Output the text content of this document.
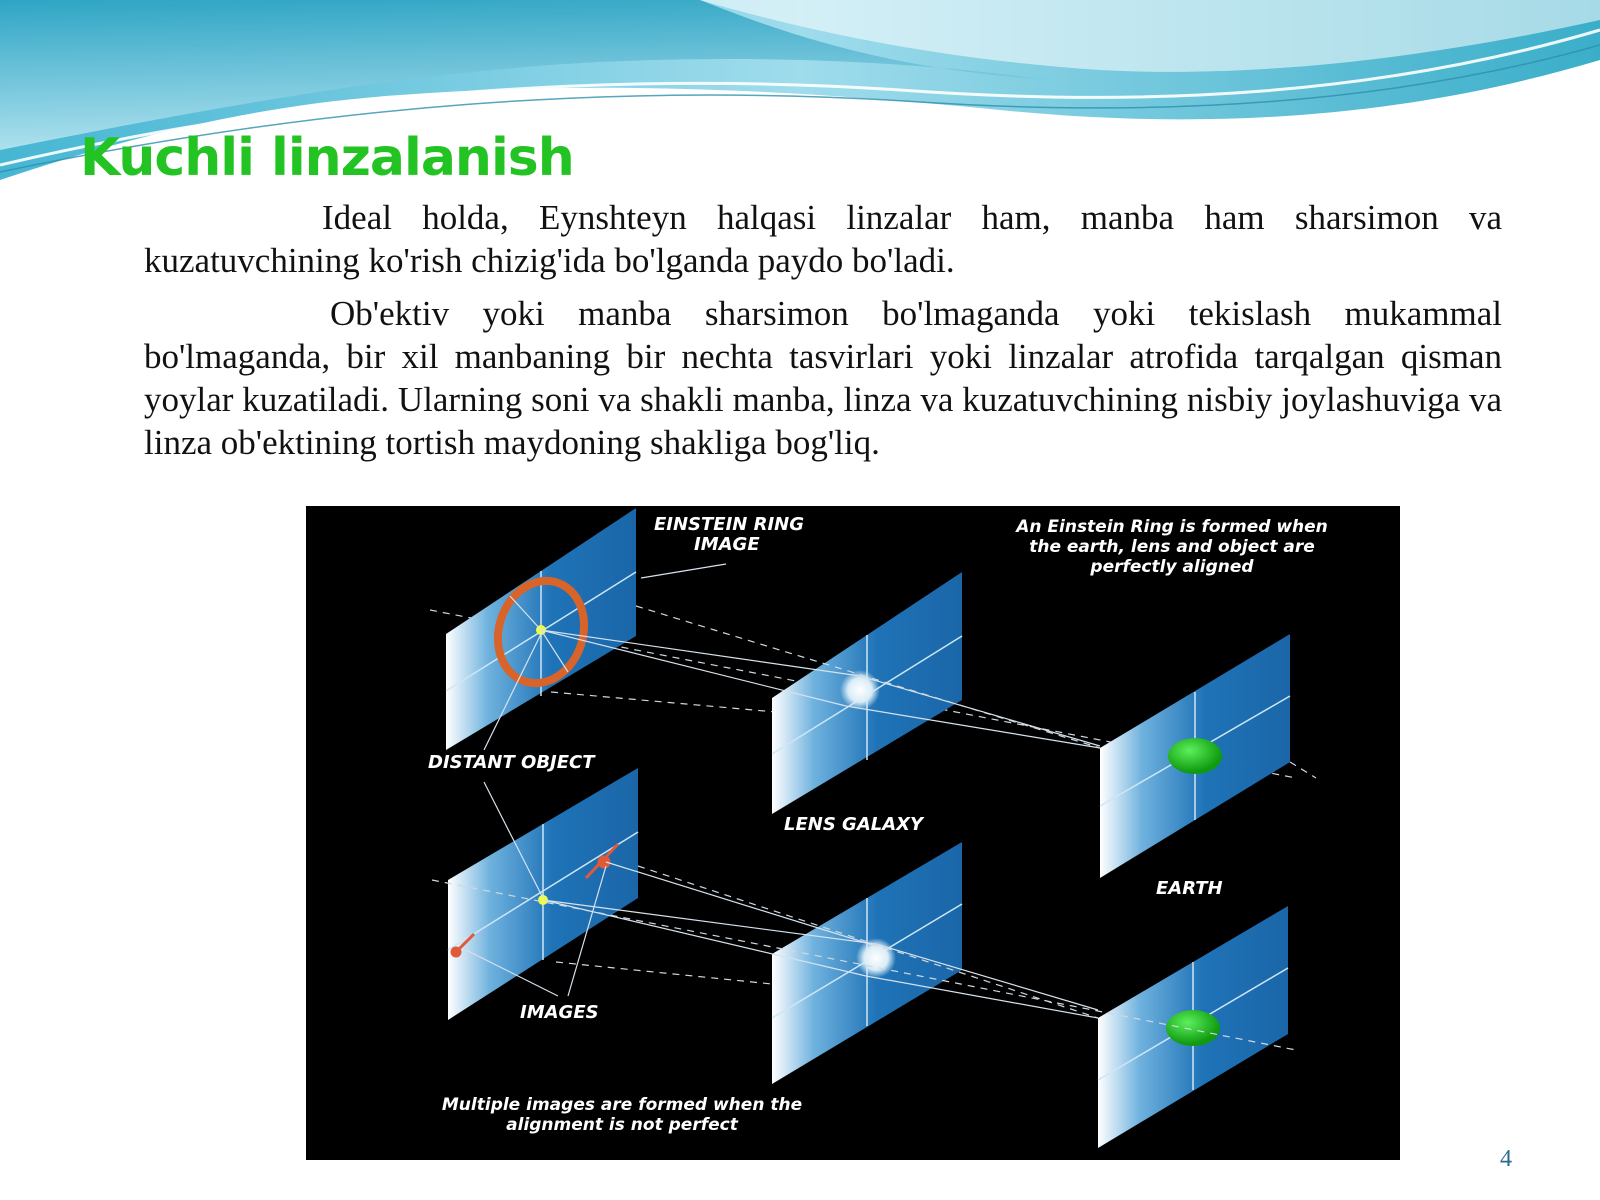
Kuchli linzalanish

Ideal holda, Eynshteyn halqasi linzalar ham, manba ham sharsimon va kuzatuvchining ko'rish chizig'ida bo'lganda paydo bo'ladi.

Ob'ektiv yoki manba sharsimon bo'lmaganda yoki tekislash mukammal bo'lmaganda, bir xil manbaning bir nechta tasvirlari yoki linzalar atrofida tarqalgan qisman yoylar kuzatiladi. Ularning soni va shakli manba, linza va kuzatuvchining nisbiy joylashuviga va linza ob'ektining tortish maydoning shakliga bog'liq.

EINSTEIN RING
IMAGE
An Einstein Ring is formed when
the earth, lens and object are
perfectly aligned
DISTANT OBJECT
LENS GALAXY
EARTH
IMAGES
Multiple images are formed when the
alignment is not perfect
4
